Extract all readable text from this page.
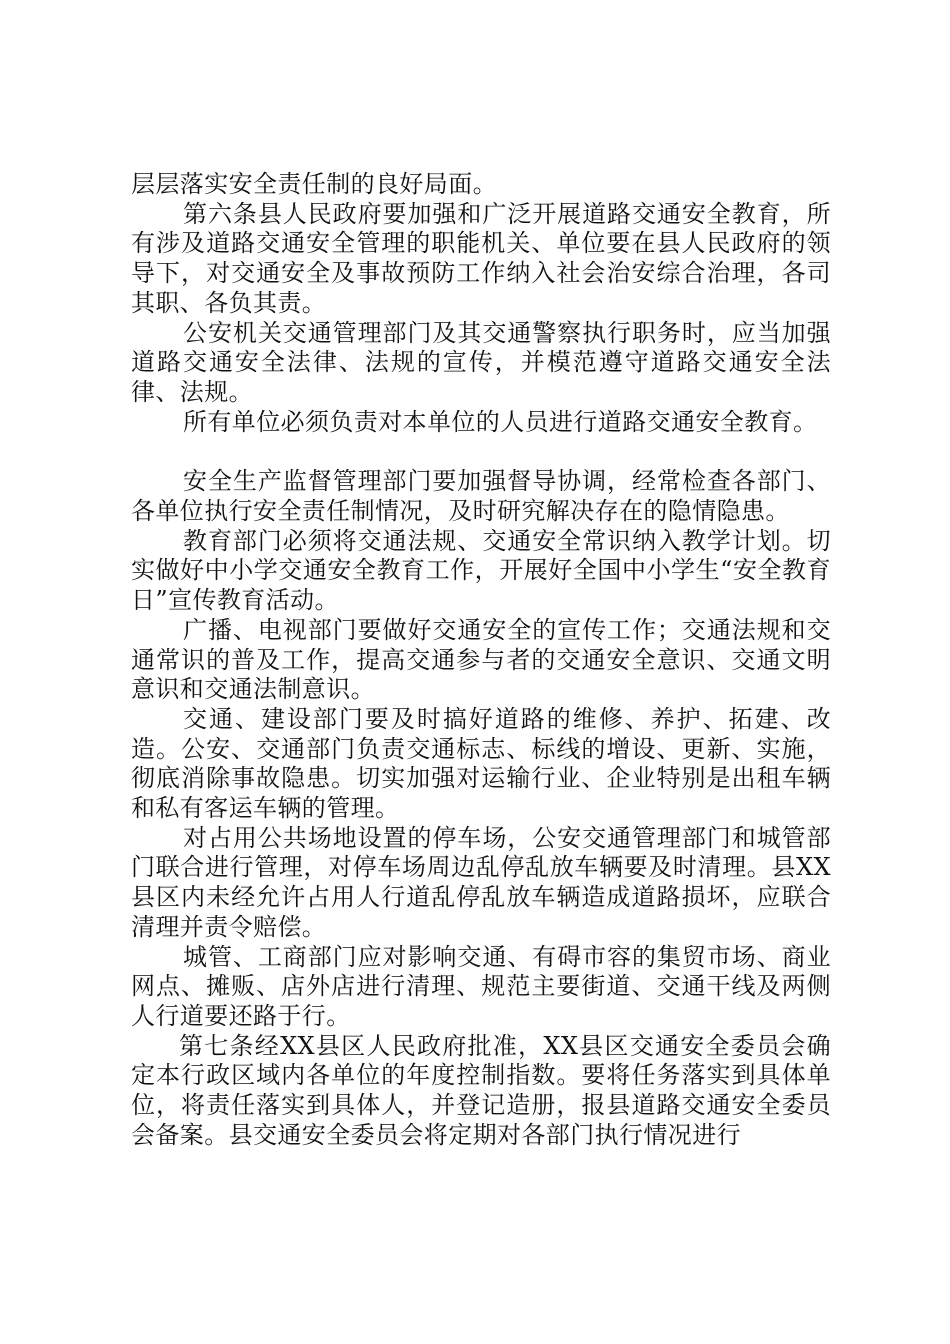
层层落实安全责任制的良好局面。

第六条县人民政府要加强和广泛开展道路交通安全教育，所有涉及道路交通安全管理的职能机关、单位要在县人民政府的领导下，对交通安全及事故预防工作纳入社会治安综合治理，各司其职、各负其责。

公安机关交通管理部门及其交通警察执行职务时，应当加强道路交通安全法律、法规的宣传，并模范遵守道路交通安全法律、法规。

所有单位必须负责对本单位的人员进行道路交通安全教育。

安全生产监督管理部门要加强督导协调，经常检查各部门、各单位执行安全责任制情况，及时研究解决存在的隐情隐患。

教育部门必须将交通法规、交通安全常识纳入教学计划。切实做好中小学交通安全教育工作，开展好全国中小学生“安全教育日”宣传教育活动。

广播、电视部门要做好交通安全的宣传工作；交通法规和交通常识的普及工作，提高交通参与者的交通安全意识、交通文明意识和交通法制意识。

交通、建设部门要及时搞好道路的维修、养护、拓建、改造。公安、交通部门负责交通标志、标线的增设、更新、实施，彻底消除事故隐患。切实加强对运输行业、企业特别是出租车辆和私有客运车辆的管理。

对占用公共场地设置的停车场，公安交通管理部门和城管部门联合进行管理，对停车场周边乱停乱放车辆要及时清理。县XX县区内未经允许占用人行道乱停乱放车辆造成道路损坏，应联合清理并责令赔偿。

城管、工商部门应对影响交通、有碍市容的集贸市场、商业网点、摊贩、店外店进行清理、规范主要街道、交通干线及两侧人行道要还路于行。

第七条经XX县区人民政府批准，XX县区交通安全委员会确定本行政区域内各单位的年度控制指数。要将任务落实到具体单位，将责任落实到具体人，并登记造册，报县道路交通安全委员会备案。县交通安全委员会将定期对各部门执行情况进行
